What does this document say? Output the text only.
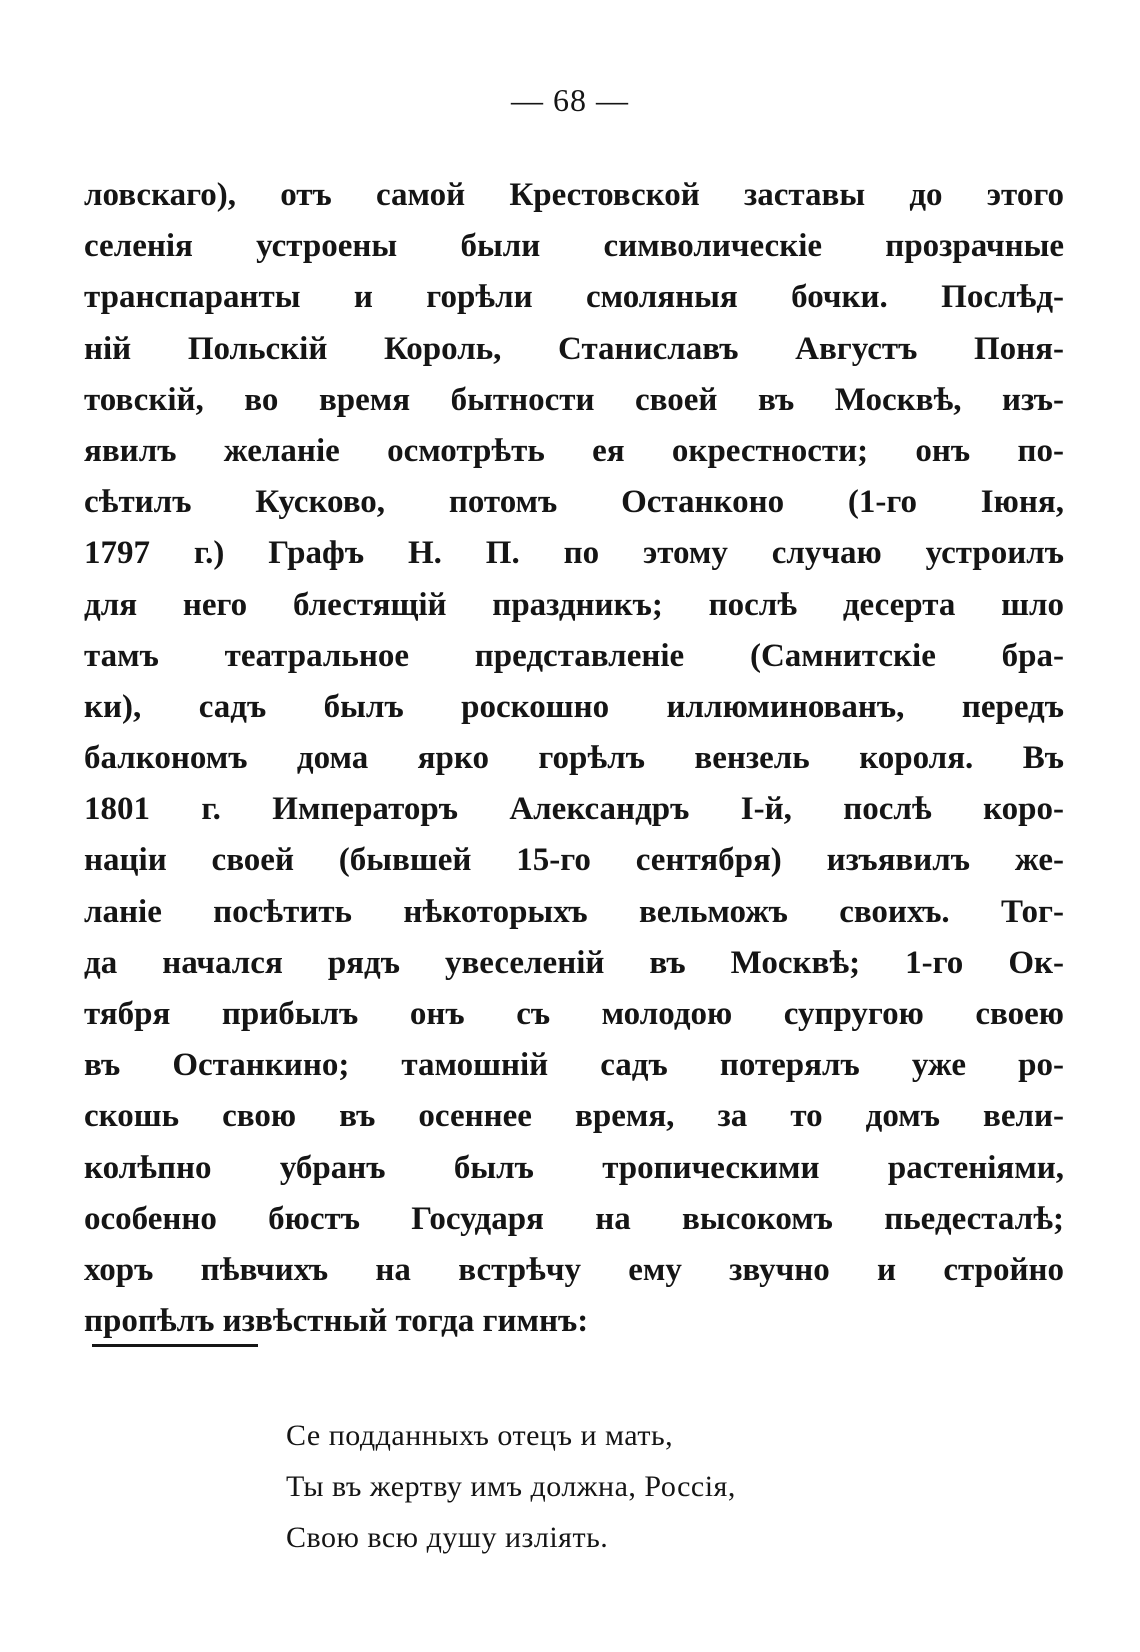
— 68 —
ловскаго), отъ самой Крестовской заставы до этого
селенія устроены были символическіе прозрачные
транспаранты и горѣли смоляныя бочки. Послѣд-
ній Польскій Король, Станиславъ Августъ Поня-
товскій, во время бытности своей въ Москвѣ, изъ-
явилъ желаніе осмотрѣть ея окрестности; онъ по-
сѣтилъ Кусково, потомъ Останконо (1-го Іюня,
1797 г.) Графъ Н. П. по этому случаю устроилъ
для него блестящій праздникъ; послѣ десерта шло
тамъ театральное представленіе (Самнитскіе бра-
ки), садъ былъ роскошно иллюминованъ, передъ
балкономъ дома ярко горѣлъ вензель короля. Въ
1801 г. Императоръ Александръ I-й, послѣ коро-
націи своей (бывшей 15-го сентября) изъявилъ же-
ланіе посѣтить нѣкоторыхъ вельможъ своихъ. Тог-
да начался рядъ увеселеній въ Москвѣ; 1-го Ок-
тября прибылъ онъ съ молодою супругою своею
въ Останкино; тамошній садъ потерялъ уже ро-
скошь свою въ осеннее время, за то домъ вели-
колѣпно убранъ былъ тропическими растеніями,
особенно бюстъ Государя на высокомъ пьедесталѣ;
хоръ пѣвчихъ на встрѣчу ему звучно и стройно
пропѣлъ извѣстный тогда гимнъ:
Се подданныхъ отецъ и мать,
Ты въ жертву имъ должна, Россія,
Свою всю душу излiять.
